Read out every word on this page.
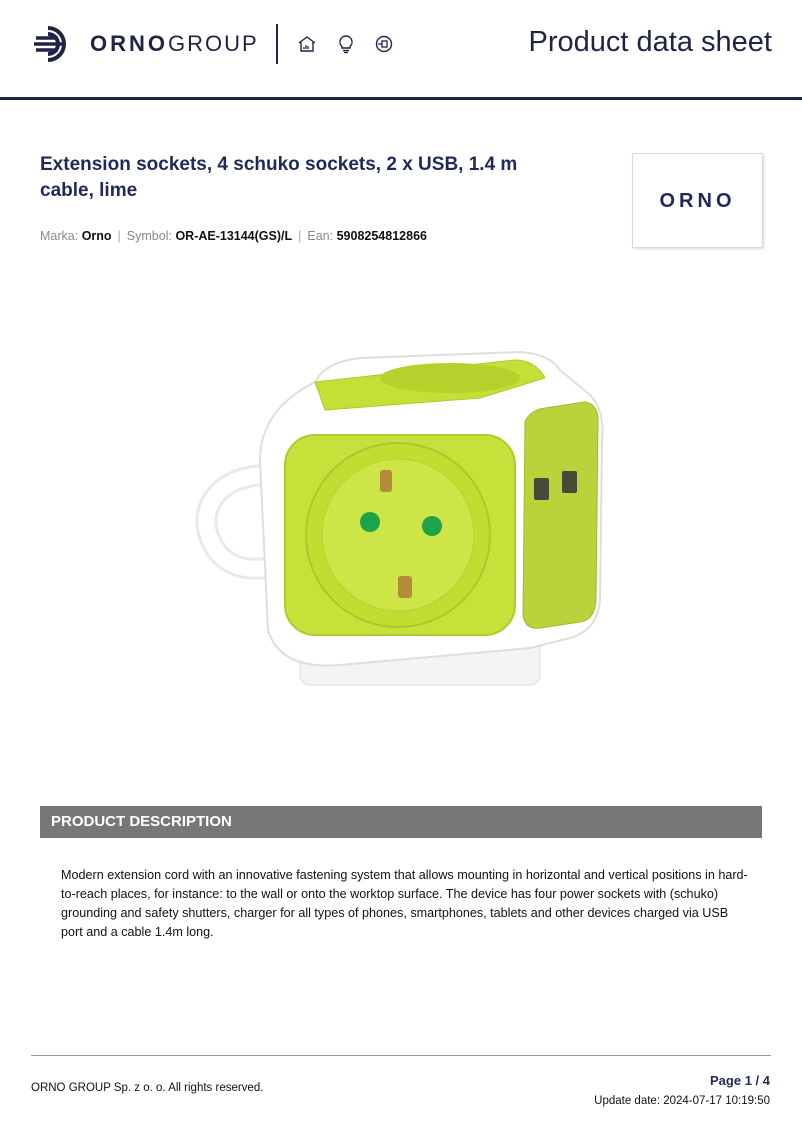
ORNOGROUP	Product data sheet
Extension sockets, 4 schuko sockets, 2 x USB, 1.4 m cable, lime
Marka: Orno | Symbol: OR-AE-13144(GS)/L | Ean: 5908254812866
ORNO
PRODUCT DESCRIPTION
Modern extension cord with an innovative fastening system that allows mounting in horizontal and vertical positions in hard-to-reach places, for instance: to the wall or onto the worktop surface. The device has four power sockets with (schuko) grounding and safety shutters, charger for all types of phones, smartphones, tablets and other devices charged via USB port and a cable 1.4m long.
ORNO GROUP Sp. z o. o. All rights reserved.	Page 1 / 4
Update date: 2024-07-17 10:19:50
